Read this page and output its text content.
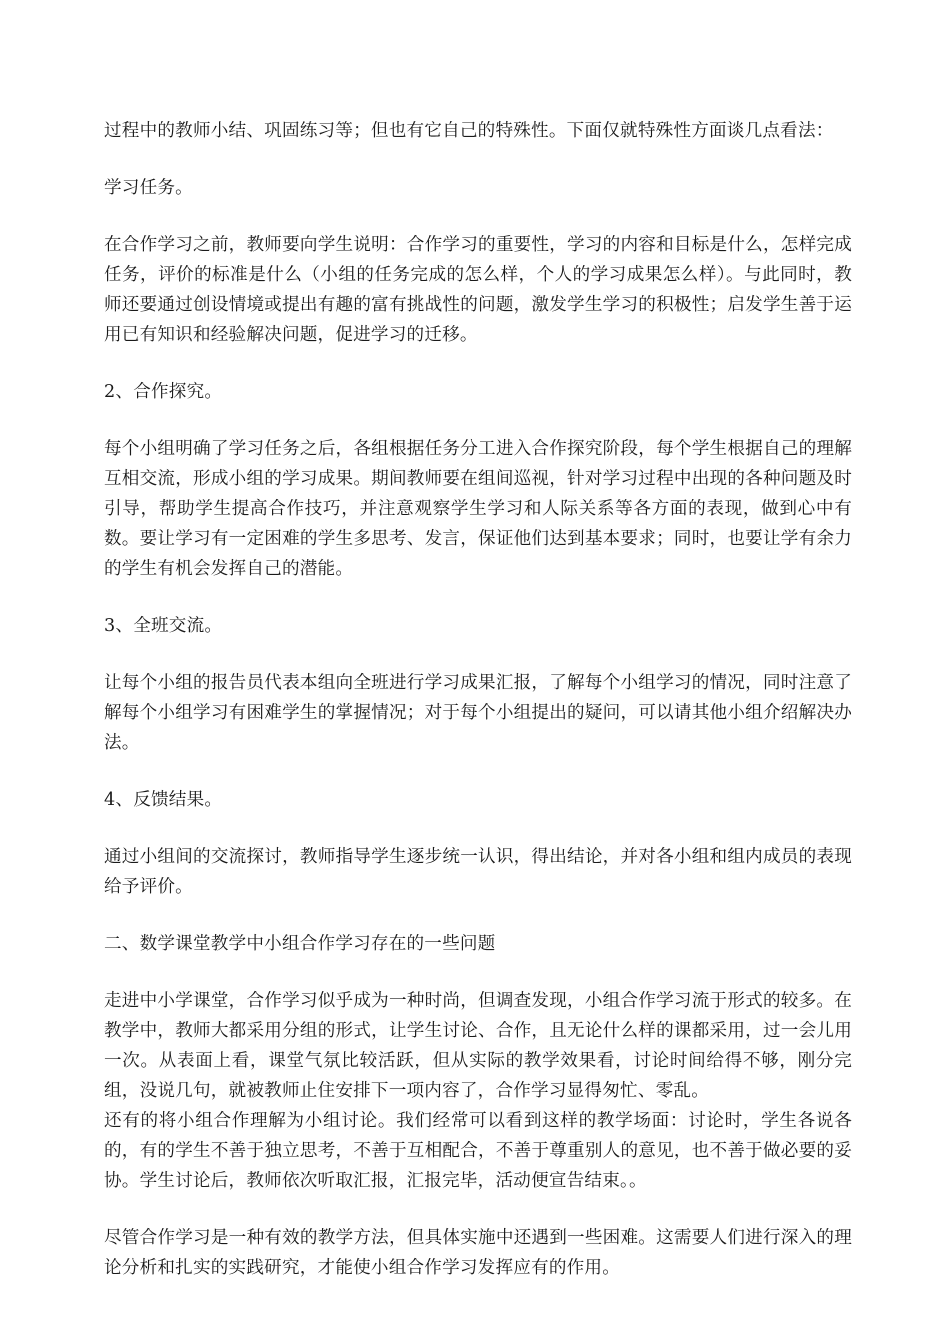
过程中的教师小结、巩固练习等；但也有它自己的特殊性。下面仅就特殊性方面谈几点看法：

学习任务。

在合作学习之前，教师要向学生说明：合作学习的重要性，学习的内容和目标是什么，怎样完成任务，评价的标准是什么（小组的任务完成的怎么样，个人的学习成果怎么样）。与此同时，教师还要通过创设情境或提出有趣的富有挑战性的问题，激发学生学习的积极性；启发学生善于运用已有知识和经验解决问题，促进学习的迁移。

2、合作探究。

每个小组明确了学习任务之后，各组根据任务分工进入合作探究阶段，每个学生根据自己的理解互相交流，形成小组的学习成果。期间教师要在组间巡视，针对学习过程中出现的各种问题及时引导，帮助学生提高合作技巧，并注意观察学生学习和人际关系等各方面的表现，做到心中有数。要让学习有一定困难的学生多思考、发言，保证他们达到基本要求；同时，也要让学有余力的学生有机会发挥自己的潜能。

3、全班交流。

让每个小组的报告员代表本组向全班进行学习成果汇报，了解每个小组学习的情况，同时注意了解每个小组学习有困难学生的掌握情况；对于每个小组提出的疑问，可以请其他小组介绍解决办法。

4、反馈结果。

通过小组间的交流探讨，教师指导学生逐步统一认识，得出结论，并对各小组和组内成员的表现给予评价。

二、数学课堂教学中小组合作学习存在的一些问题

走进中小学课堂，合作学习似乎成为一种时尚，但调查发现，小组合作学习流于形式的较多。在教学中，教师大都采用分组的形式，让学生讨论、合作，且无论什么样的课都采用，过一会儿用一次。从表面上看，课堂气氛比较活跃，但从实际的教学效果看，讨论时间给得不够，刚分完组，没说几句，就被教师止住安排下一项内容了，合作学习显得匆忙、零乱。

还有的将小组合作理解为小组讨论。我们经常可以看到这样的教学场面：讨论时，学生各说各的，有的学生不善于独立思考，不善于互相配合，不善于尊重别人的意见，也不善于做必要的妥协。学生讨论后，教师依次听取汇报，汇报完毕，活动便宣告结束。。

尽管合作学习是一种有效的教学方法，但具体实施中还遇到一些困难。这需要人们进行深入的理论分析和扎实的实践研究，才能使小组合作学习发挥应有的作用。
